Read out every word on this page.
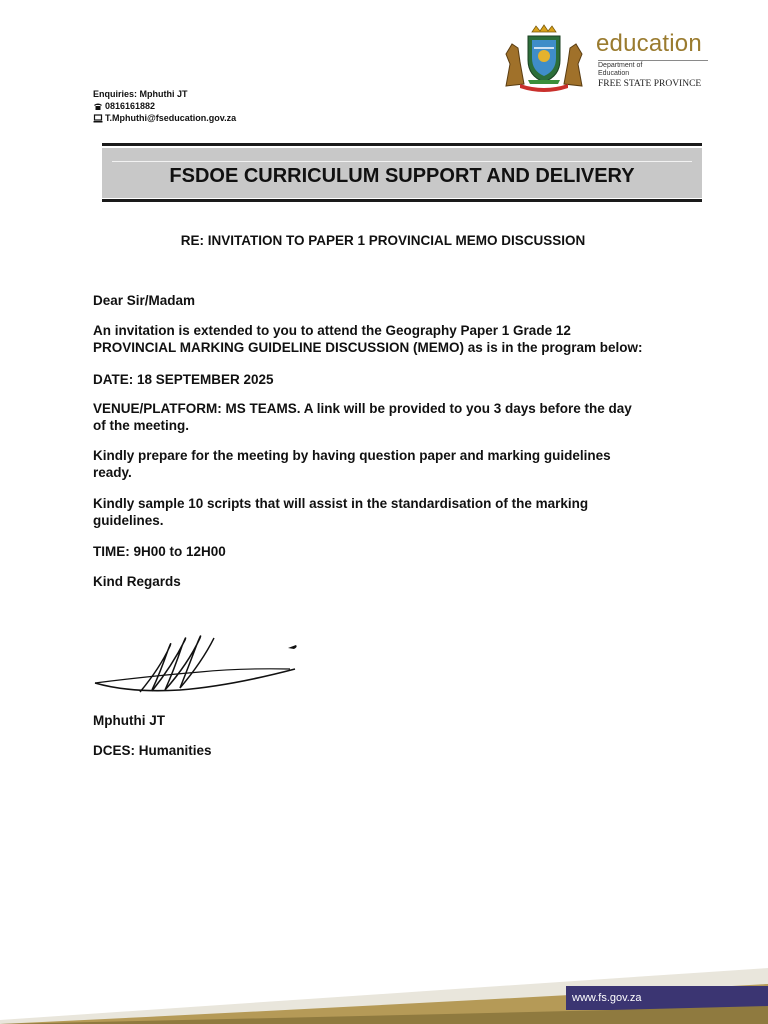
education
Department of
Education
FREE STATE PROVINCE
Enquiries: Mphuthi JT
0816161882
T.Mphuthi@fseducation.gov.za
FSDOE CURRICULUM SUPPORT AND DELIVERY
RE: INVITATION TO PAPER 1 PROVINCIAL MEMO DISCUSSION
Dear Sir/Madam
An invitation is extended to you to attend the Geography Paper 1 Grade 12
PROVINCIAL MARKING GUIDELINE DISCUSSION (MEMO) as is in the program below:
DATE: 18 SEPTEMBER 2025
VENUE/PLATFORM: MS TEAMS. A link will be provided to you 3 days before the day
of the meeting.
Kindly prepare for the meeting by having question paper and marking guidelines
ready.
Kindly sample 10 scripts that will assist in the standardisation of the marking
guidelines.
TIME: 9H00 to 12H00
Kind Regards
Mphuthi JT
DCES: Humanities
www.fs.gov.za
